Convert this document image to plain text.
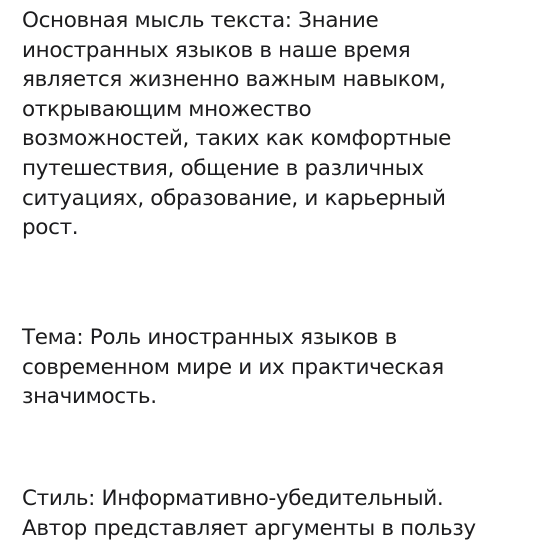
Основная мысль текста: Знание
иностранных языков в наше время
является жизненно важным навыком,
открывающим множество
возможностей, таких как комфортные
путешествия, общение в различных
ситуациях, образование, и карьерный
рост.
Тема: Роль иностранных языков в
современном мире и их практическая
значимость.
Стиль: Информативно-убедительный.
Автор представляет аргументы в пользу
